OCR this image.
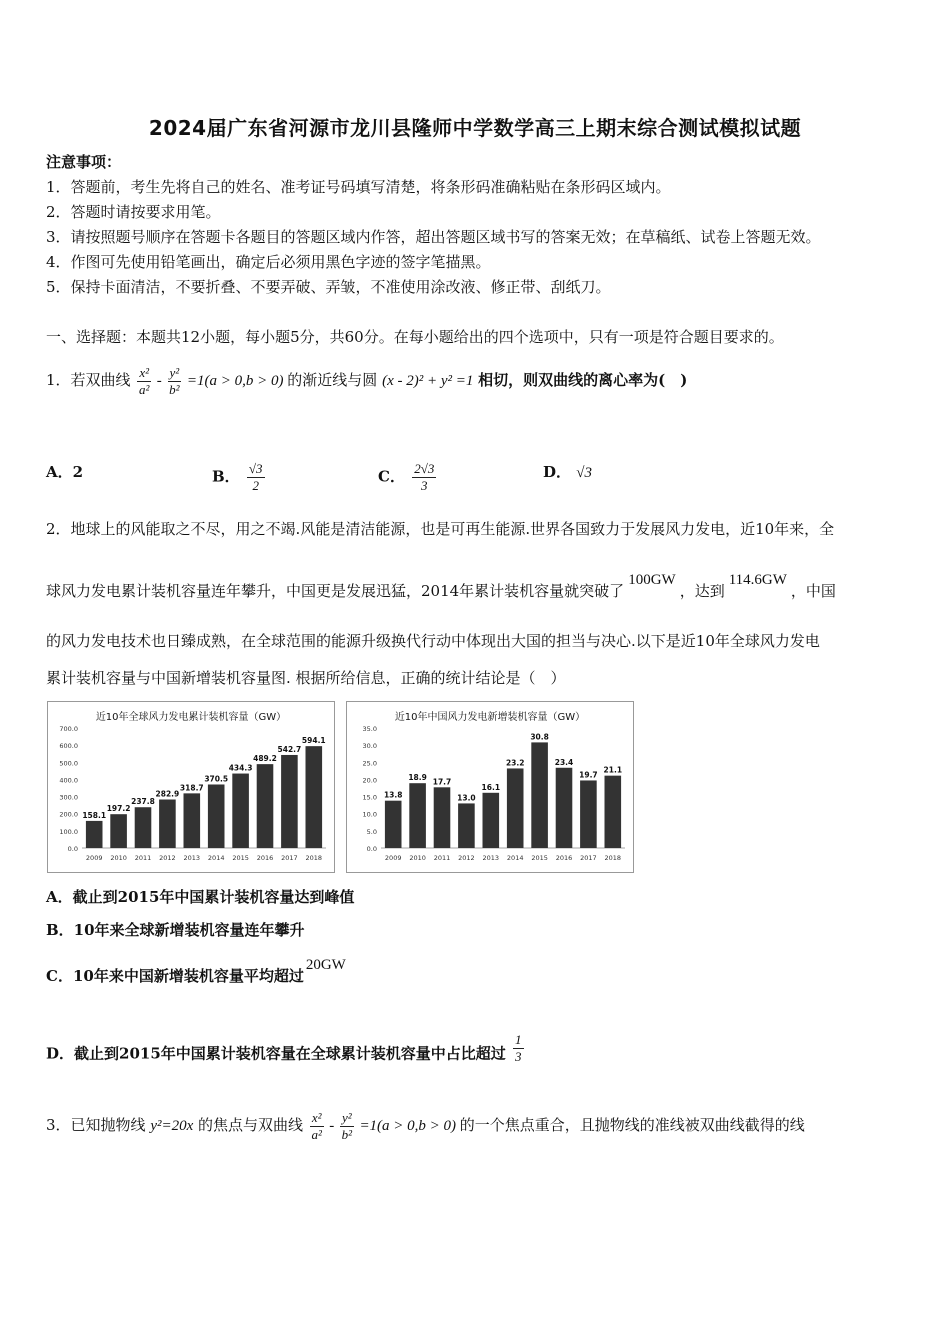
2024届广东省河源市龙川县隆师中学数学高三上期末综合测试模拟试题
注意事项：
1．答题前，考生先将自己的姓名、准考证号码填写清楚，将条形码准确粘贴在条形码区域内。
2．答题时请按要求用笔。
3．请按照题号顺序在答题卡各题目的答题区域内作答，超出答题区域书写的答案无效；在草稿纸、试卷上答题无效。
4．作图可先使用铅笔画出，确定后必须用黑色字迹的签字笔描黑。
5．保持卡面清洁，不要折叠、不要弄破、弄皱，不准使用涂改液、修正带、刮纸刀。
一、选择题：本题共12小题，每小题5分，共60分。在每小题给出的四个选项中，只有一项是符合题目要求的。
1．若双曲线 $\frac{\text{x²}}{\text{a²}} - \frac{\text{y²}}{\text{b²}} =1(a > 0,b > 0)$ 的渐近线与圆 (x - 2)² + y² =1 相切，则双曲线的离心率为(　)
A．2	B． $\frac{√3}{2}$	C． $\frac{2√3}{3}$	D． √3
2．地球上的风能取之不尽，用之不竭.风能是清洁能源，也是可再生能源.世界各国致力于发展风力发电，近10年来，全
球风力发电累计装机容量连年攀升，中国更是发展迅猛，2014年累计装机容量就突破了100GW，达到114.6GW，中国
的风力发电技术也日臻成熟，在全球范围的能源升级换代行动中体现出大国的担当与决心.以下是近10年全球风力发电
累计装机容量与中国新增装机容量图. 根据所给信息，正确的统计结论是（　）
近10年全球风力发电累计装机容量（GW）
0.0
100.0
200.0
300.0
400.0
500.0
600.0
700.0
158.1
2009
197.2
2010
237.8
2011
282.9
2012
318.7
2013
370.5
2014
434.3
2015
489.2
2016
542.7
2017
594.1
2018
近10年中国风力发电新增装机容量（GW）
0.0
5.0
10.0
15.0
20.0
25.0
30.0
35.0
13.8
2009
18.9
2010
17.7
2011
13.0
2012
16.1
2013
23.2
2014
30.8
2015
23.4
2016
19.7
2017
21.1
2018
A．截止到2015年中国累计装机容量达到峰值
B．10年来全球新增装机容量连年攀升
C．10年来中国新增装机容量平均超过20GW
D．截止到2015年中国累计装机容量在全球累计装机容量中占比超过 $\frac{1}{3}$
3．已知抛物线 y²=20x 的焦点与双曲线 $\frac{\text{x²}}{\text{a²}} - \frac{\text{y²}}{\text{b²}} =1(a > 0,b > 0)$ 的一个焦点重合，且抛物线的准线被双曲线截得的线
